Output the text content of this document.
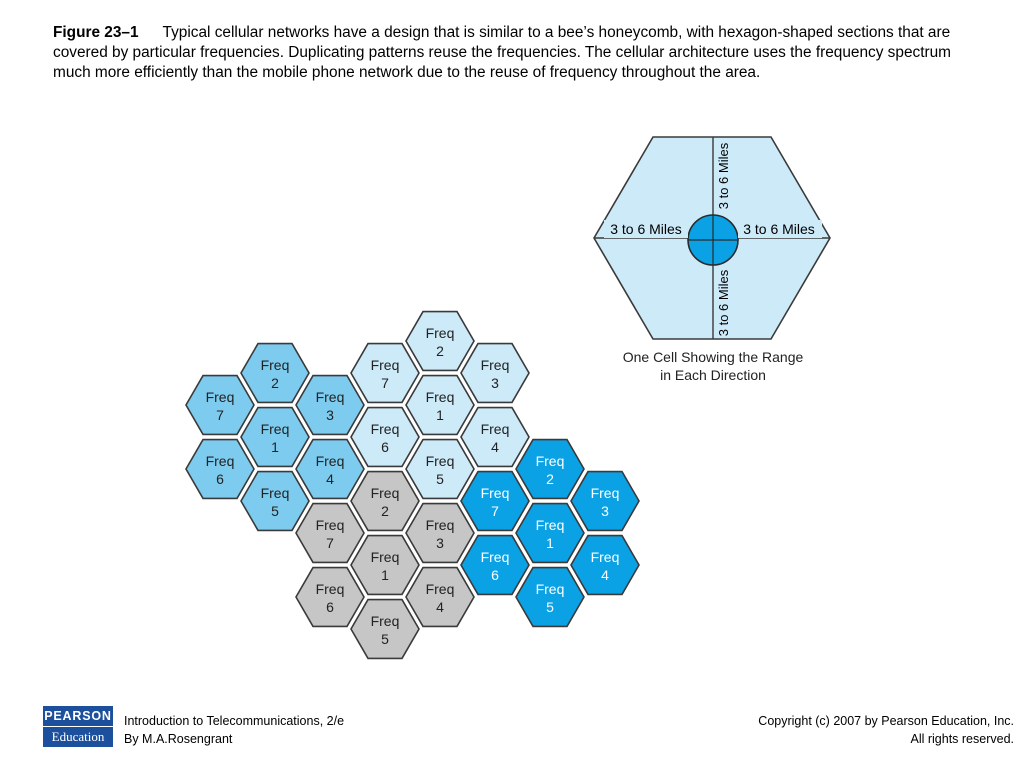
Figure 23–1 Typical cellular networks have a design that is similar to a bee’s honeycomb, with hexagon-shaped sections that are covered by particular frequencies. Duplicating patterns reuse the frequencies. The cellular architecture uses the frequency spectrum much more efficiently than the mobile phone network due to the reuse of frequency throughout the area.
Freq
1
Freq
2
Freq
3
Freq
4
Freq
5
Freq
6
Freq
7
Freq
1
Freq
2
Freq
3
Freq
4
Freq
5
Freq
6
Freq
7
Freq
1
Freq
2
Freq
3
Freq
4
Freq
5
Freq
6
Freq
7
Freq
1
Freq
2
Freq
3
Freq
4
Freq
5
Freq
6
Freq
7
3 to 6 Miles	3 to 6 Miles
3 to 6 Miles
3 to 6 Miles
One Cell Showing the Range
in Each Direction
PEARSON
Education
Introduction to Telecommunications, 2/e
By M.A.Rosengrant
Copyright (c) 2007 by Pearson Education, Inc.
All rights reserved.
